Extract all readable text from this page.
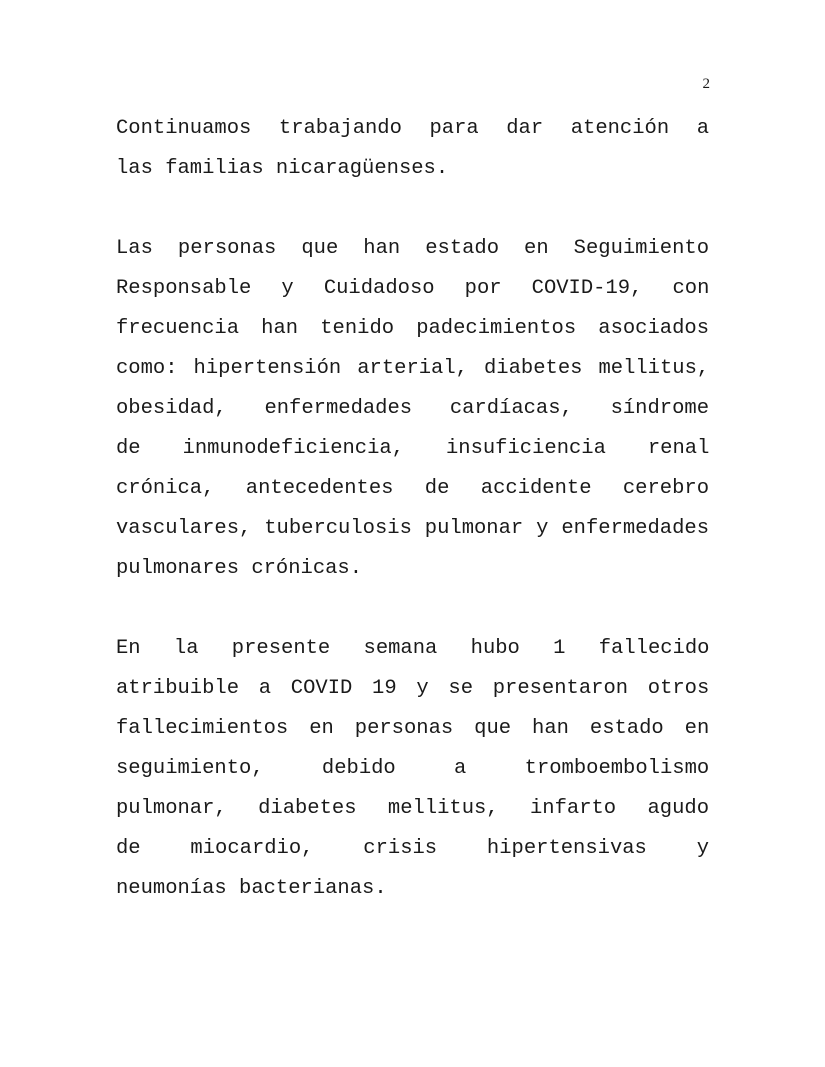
2
Continuamos trabajando para dar atención a
las familias nicaragüenses.
Las personas que han estado en Seguimiento
Responsable y Cuidadoso por COVID-19, con
frecuencia han tenido padecimientos asociados
como: hipertensión arterial, diabetes mellitus,
obesidad, enfermedades cardíacas, síndrome
de inmunodeficiencia, insuficiencia renal
crónica, antecedentes de accidente cerebro
vasculares, tuberculosis pulmonar y enfermedades
pulmonares crónicas.
En la presente semana hubo 1 fallecido
atribuible a COVID 19 y se presentaron otros
fallecimientos en personas que han estado en
seguimiento, debido a tromboembolismo
pulmonar, diabetes mellitus, infarto agudo
de miocardio, crisis hipertensivas y
neumonías bacterianas.
